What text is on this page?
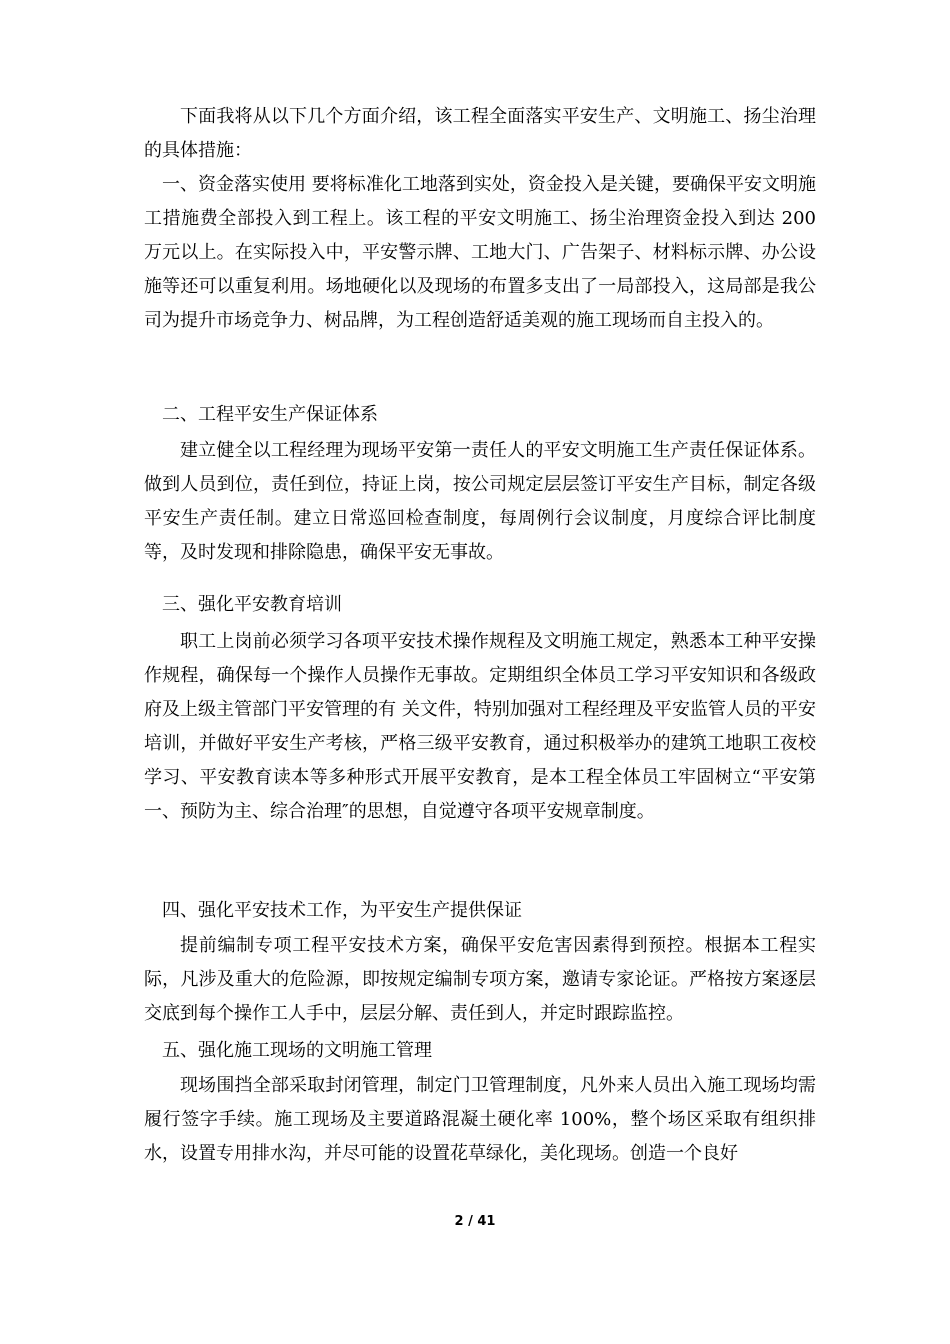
下面我将从以下几个方面介绍，该工程全面落实平安生产、文明施工、扬尘治理的具体措施：

一、资金落实使用 要将标准化工地落到实处，资金投入是关键，要确保平安文明施工措施费全部投入到工程上。该工程的平安文明施工、扬尘治理资金投入到达 200 万元以上。在实际投入中，平安警示牌、工地大门、广告架子、材料标示牌、办公设施等还可以重复利用。场地硬化以及现场的布置多支出了一局部投入，这局部是我公司为提升市场竞争力、树品牌，为工程创造舒适美观的施工现场而自主投入的。

二、工程平安生产保证体系

建立健全以工程经理为现场平安第一责任人的平安文明施工生产责任保证体系。做到人员到位，责任到位，持证上岗，按公司规定层层签订平安生产目标，制定各级平安生产责任制。建立日常巡回检查制度，每周例行会议制度，月度综合评比制度等，及时发现和排除隐患，确保平安无事故。

三、强化平安教育培训

职工上岗前必须学习各项平安技术操作规程及文明施工规定，熟悉本工种平安操作规程，确保每一个操作人员操作无事故。定期组织全体员工学习平安知识和各级政府及上级主管部门平安管理的有 关文件，特别加强对工程经理及平安监管人员的平安培训，并做好平安生产考核，严格三级平安教育，通过积极举办的建筑工地职工夜校学习、平安教育读本等多种形式开展平安教育，是本工程全体员工牢固树立“平安第一、预防为主、综合治理″的思想，自觉遵守各项平安规章制度。

四、强化平安技术工作，为平安生产提供保证

提前编制专项工程平安技术方案，确保平安危害因素得到预控。根据本工程实际，凡涉及重大的危险源，即按规定编制专项方案，邀请专家论证。严格按方案逐层交底到每个操作工人手中，层层分解、责任到人，并定时跟踪监控。

五、强化施工现场的文明施工管理

现场围挡全部采取封闭管理，制定门卫管理制度，凡外来人员出入施工现场均需履行签字手续。施工现场及主要道路混凝土硬化率 100%，整个场区采取有组织排水，设置专用排水沟，并尽可能的设置花草绿化，美化现场。创造一个良好

2 / 41
